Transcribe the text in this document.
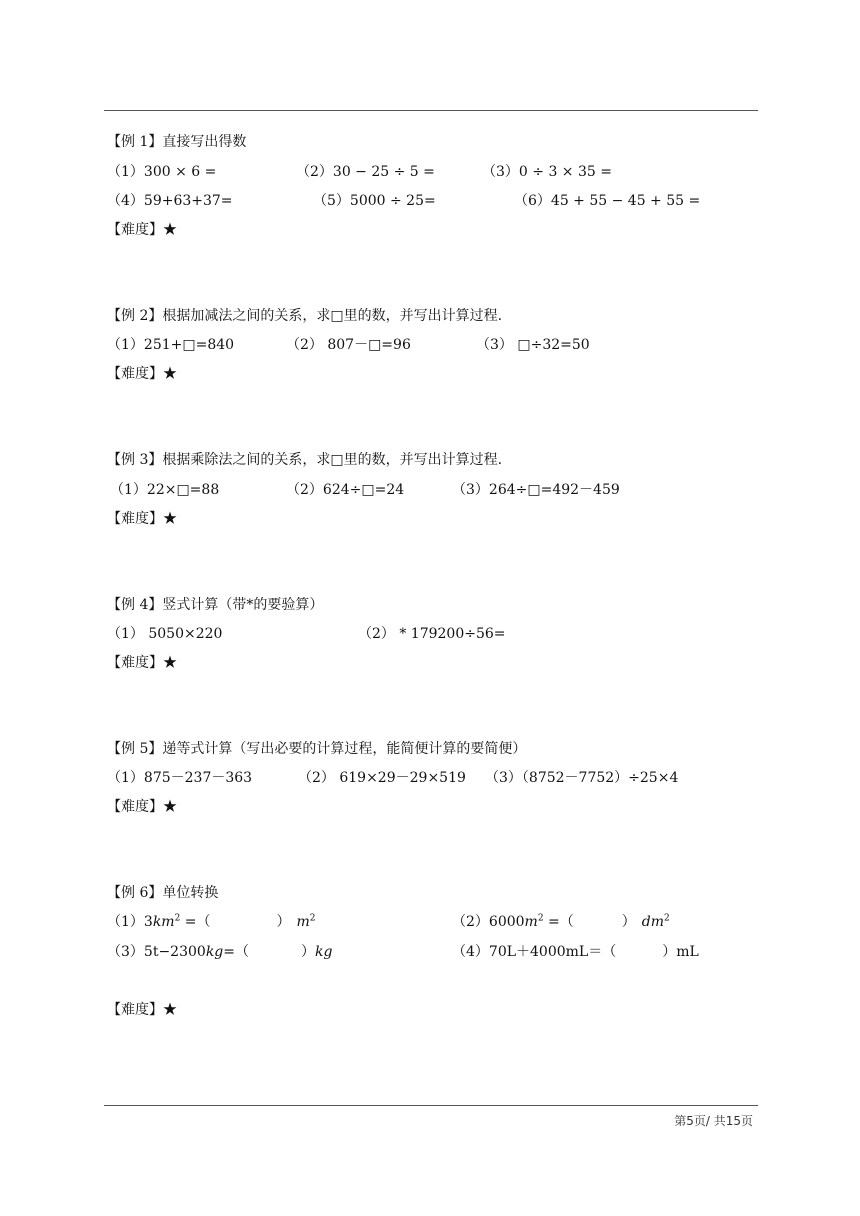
【例 1】直接写出得数
（1）300 × 6 =	（2）30 − 25 ÷ 5 =	（3）0 ÷ 3 × 35 =
（4）59+63+37=	（5）5000 ÷ 25=	（6）45 + 55 − 45 + 55 =
【难度】★
【例 2】根据加减法之间的关系，求□里的数，并写出计算过程.
（1）251+□=840	（2） 807－□=96	（3） □÷32=50
【难度】★
【例 3】根据乘除法之间的关系，求□里的数，并写出计算过程.
（1）22×□=88	（2）624÷□=24	（3）264÷□=492－459
【难度】★
【例 4】竖式计算（带*的要验算）
（1） 5050×220	（2） * 179200÷56=
【难度】★
【例 5】递等式计算（写出必要的计算过程，能简便计算的要简便）
（1）875－237－363	（2） 619×29－29×519 （3）（8752－7752）÷25×4
【难度】★
【例 6】单位转换
$(1)3km^2$ =（	） $m^2$	$(2)6000m^2$ =（	） $dm^2$
（3）5t−2300kg=（	）kg	（4）70L＋4000mL＝（	）mL
【难度】★
第5页/ 共15页
